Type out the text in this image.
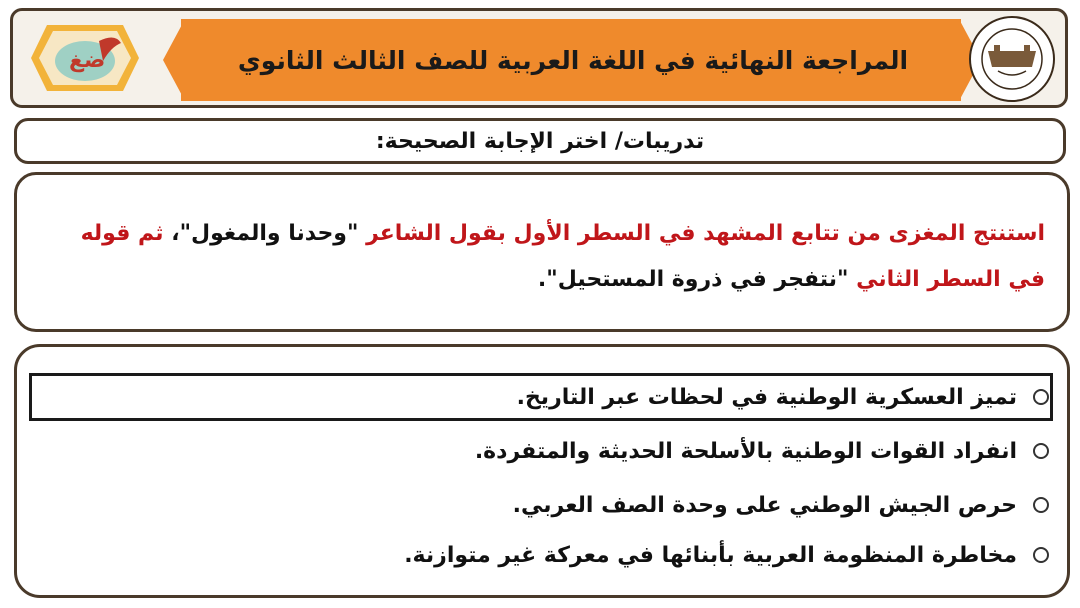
المراجعة النهائية في اللغة العربية للصف الثالث الثانوي
ضغ
تدريبات/ اختر الإجابة الصحيحة:
استنتج المغزى من تتابع المشهد في السطر الأول بقول الشاعر "وحدنا والمغول"، ثم قوله في السطر الثاني "نتفجر في ذروة المستحيل".
تميز العسكرية الوطنية في لحظات عبر التاريخ.
انفراد القوات الوطنية بالأسلحة الحديثة والمتفردة.
حرص الجيش الوطني على وحدة الصف العربي.
مخاطرة المنظومة العربية بأبنائها في معركة غير متوازنة.
